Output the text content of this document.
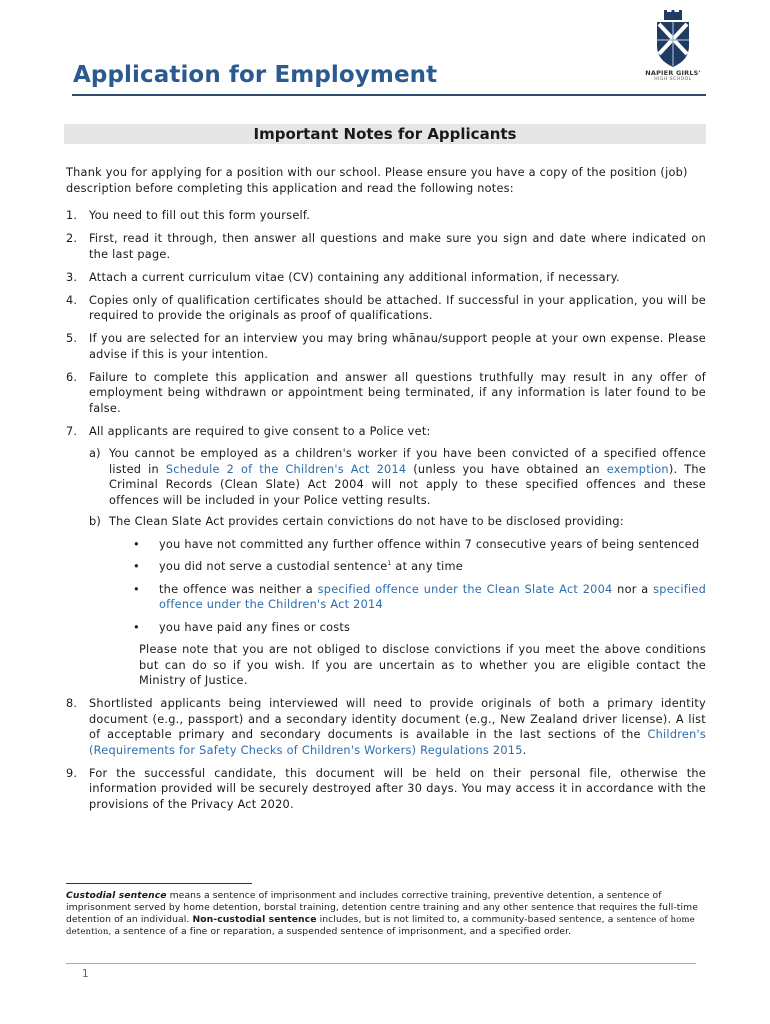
NAPIER GIRLS'
HIGH SCHOOL
Application for Employment
Important Notes for Applicants

Thank you for applying for a position with our school. Please ensure you have a copy of the position (job) description before completing this application and read the following notes:

1. You need to fill out this form yourself.
2. First, read it through, then answer all questions and make sure you sign and date where indicated on the last page.
3. Attach a current curriculum vitae (CV) containing any additional information, if necessary.
4. Copies only of qualification certificates should be attached. If successful in your application, you will be required to provide the originals as proof of qualifications.
5. If you are selected for an interview you may bring whānau/support people at your own expense. Please advise if this is your intention.
6. Failure to complete this application and answer all questions truthfully may result in any offer of employment being withdrawn or appointment being terminated, if any information is later found to be false.
7. All applicants are required to give consent to a Police vet:
a) You cannot be employed as a children's worker if you have been convicted of a specified offence listed in Schedule 2 of the Children's Act 2014 (unless you have obtained an exemption). The Criminal Records (Clean Slate) Act 2004 will not apply to these specified offences and these offences will be included in your Police vetting results.
b) The Clean Slate Act provides certain convictions do not have to be disclosed providing:
• you have not committed any further offence within 7 consecutive years of being sentenced
• you did not serve a custodial sentence$^1$ at any time
• the offence was neither a specified offence under the Clean Slate Act 2004 nor a specified offence under the Children's Act 2014
• you have paid any fines or costs

Please note that you are not obliged to disclose convictions if you meet the above conditions but can do so if you wish. If you are uncertain as to whether you are eligible contact the Ministry of Justice.

8. Shortlisted applicants being interviewed will need to provide originals of both a primary identity document (e.g., passport) and a secondary identity document (e.g., New Zealand driver license). A list of acceptable primary and secondary documents is available in the last sections of the Children's (Requirements for Safety Checks of Children's Workers) Regulations 2015.
9. For the successful candidate, this document will be held on their personal file, otherwise the information provided will be securely destroyed after 30 days. You may access it in accordance with the provisions of the Privacy Act 2020.

Custodial sentence means a sentence of imprisonment and includes corrective training, preventive detention, a sentence of imprisonment served by home detention, borstal training, detention centre training and any other sentence that requires the full-time detention of an individual. Non-custodial sentence includes, but is not limited to, a community-based sentence, a sentence of home detention, a sentence of a fine or reparation, a suspended sentence of imprisonment, and a specified order.

1
